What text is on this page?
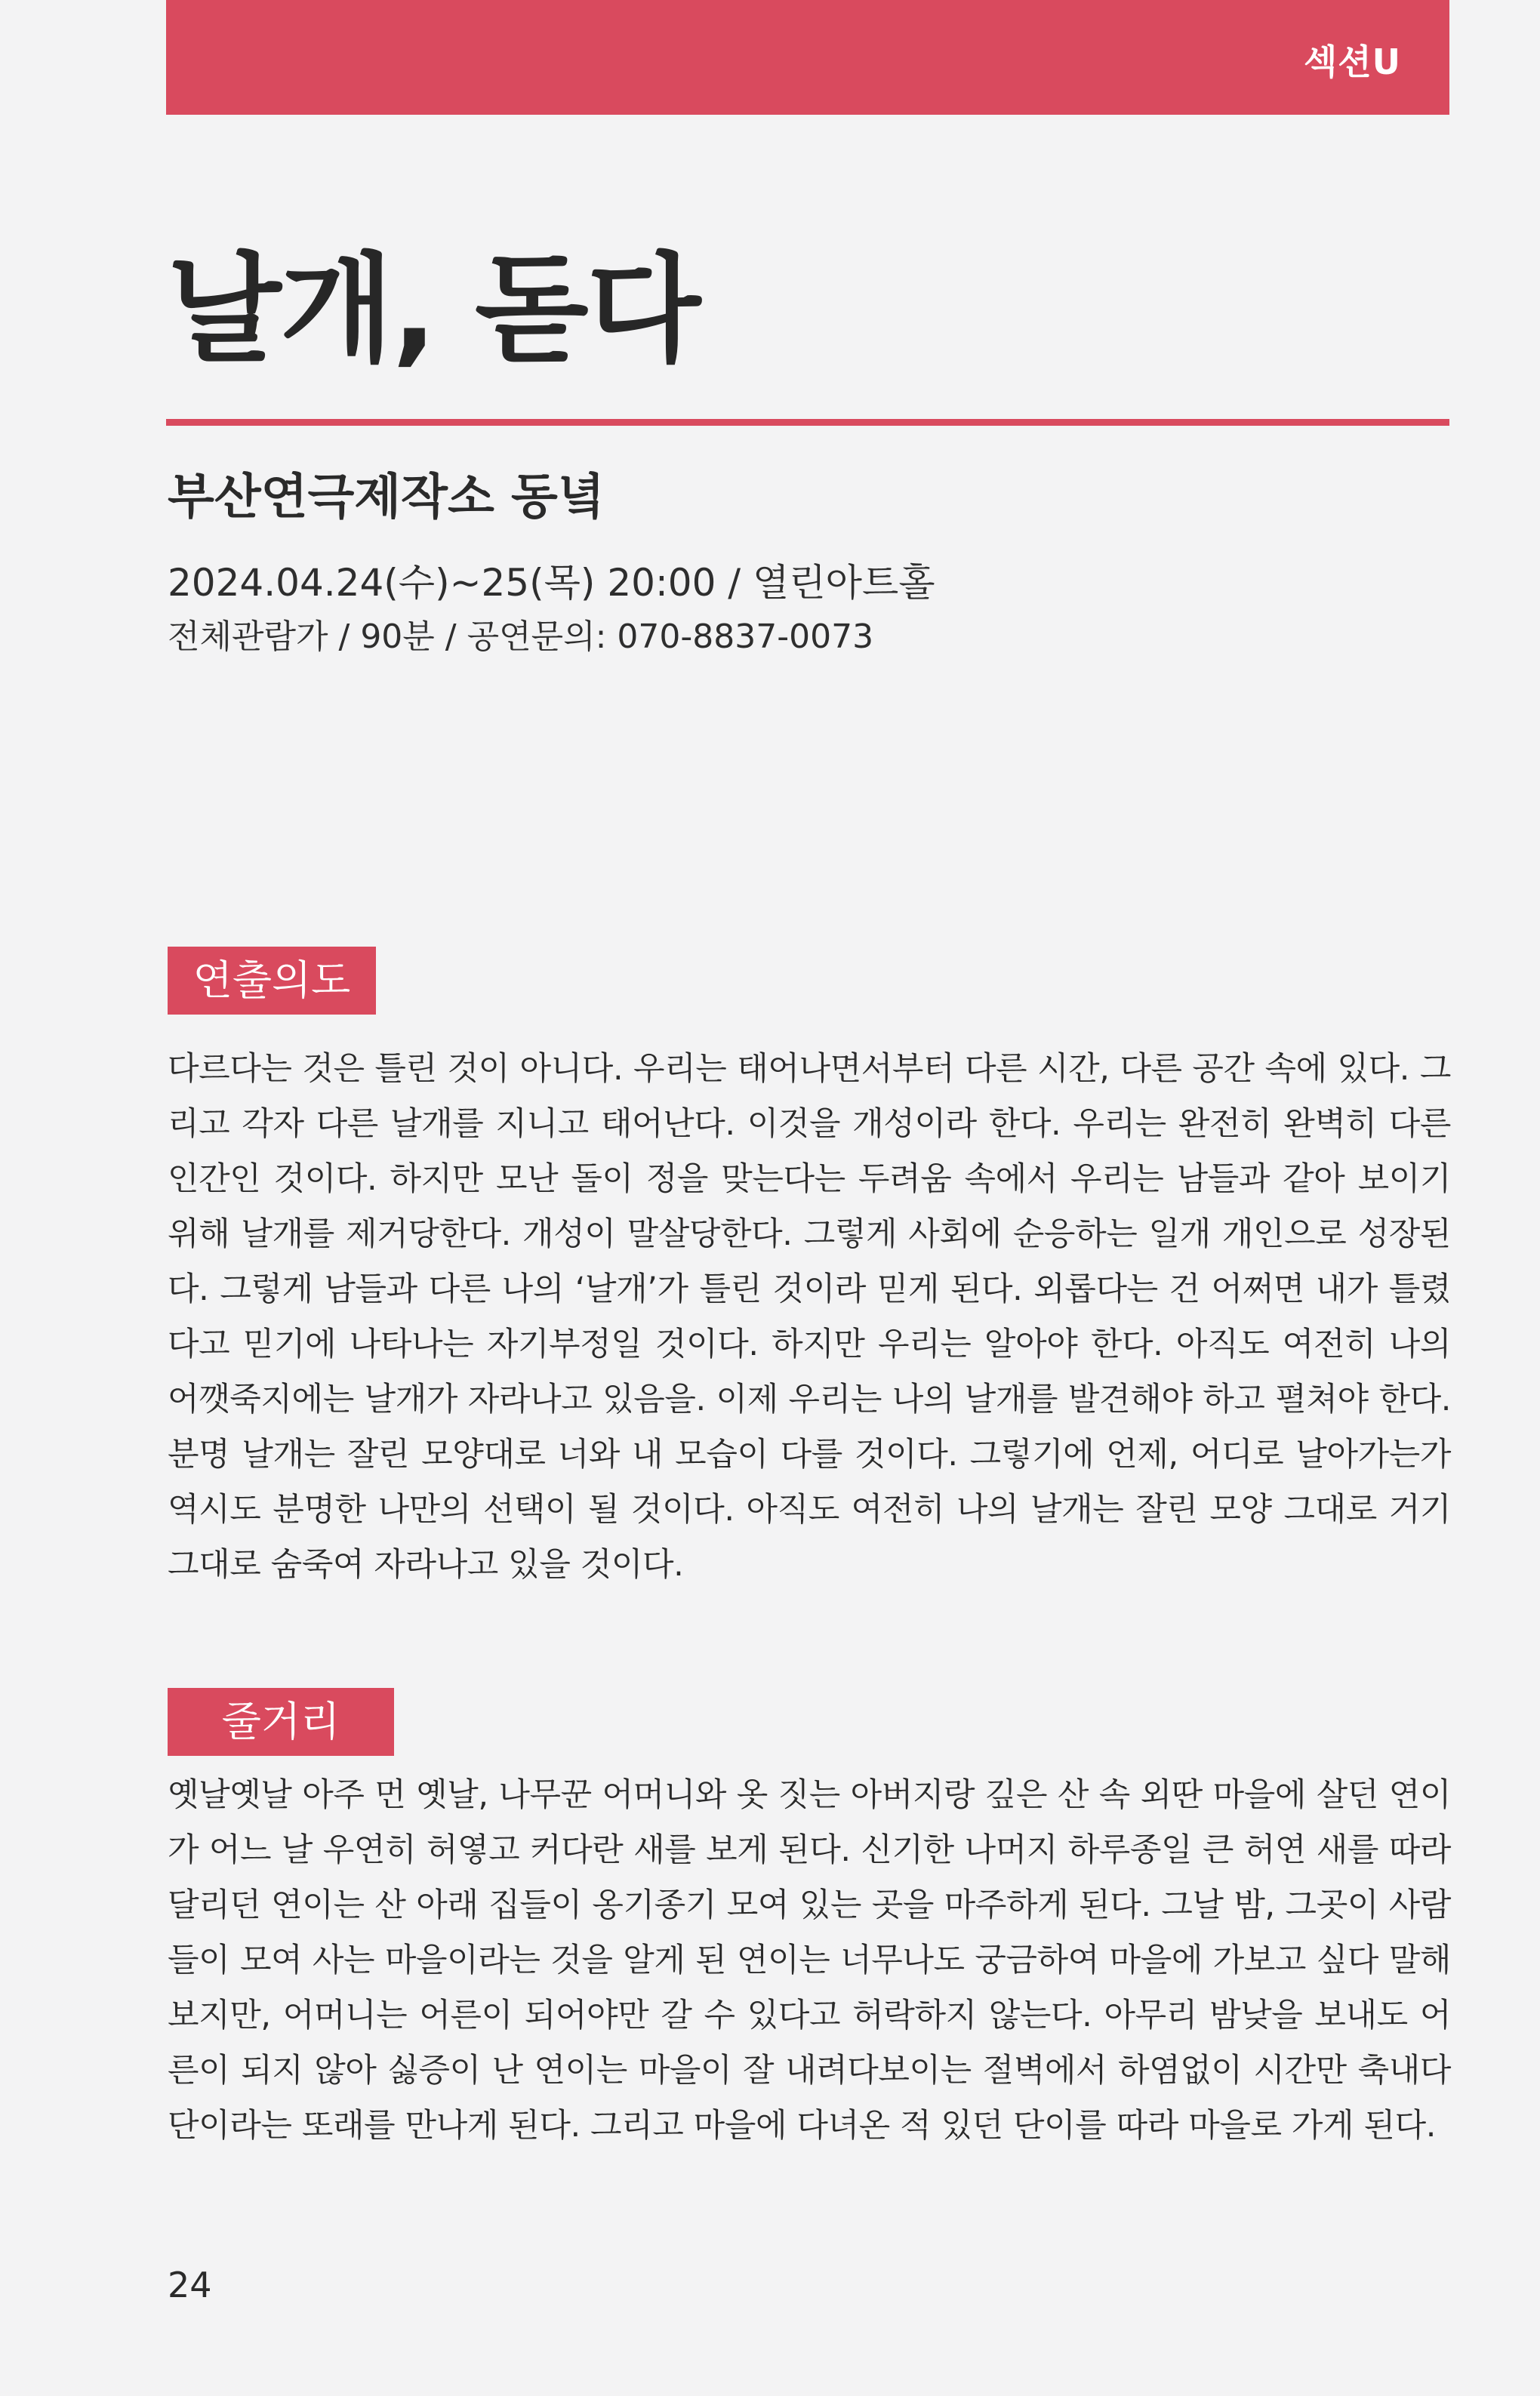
섹션U
날개, 돋다
부산연극제작소 동녘
2024.04.24(수)~25(목) 20:00 / 열린아트홀
전체관람가 / 90분 / 공연문의: 070-8837-0073
연출의도

다르다는 것은 틀린 것이 아니다. 우리는 태어나면서부터 다른 시간, 다른 공간 속에 있다. 그리고 각자 다른 날개를 지니고 태어난다. 이것을 개성이라 한다. 우리는 완전히 완벽히 다른 인간인 것이다. 하지만 모난 돌이 정을 맞는다는 두려움 속에서 우리는 남들과 같아 보이기 위해 날개를 제거당한다. 개성이 말살당한다. 그렇게 사회에 순응하는 일개 개인으로 성장된다. 그렇게 남들과 다른 나의 ‘날개’가 틀린 것이라 믿게 된다. 외롭다는 건 어쩌면 내가 틀렸다고 믿기에 나타나는 자기부정일 것이다. 하지만 우리는 알아야 한다. 아직도 여전히 나의 어깻죽지에는 날개가 자라나고 있음을. 이제 우리는 나의 날개를 발견해야 하고 펼쳐야 한다. 분명 날개는 잘린 모양대로 너와 내 모습이 다를 것이다. 그렇기에 언제, 어디로 날아가는가 역시도 분명한 나만의 선택이 될 것이다. 아직도 여전히 나의 날개는 잘린 모양 그대로 거기 그대로 숨죽여 자라나고 있을 것이다.

줄거리

옛날옛날 아주 먼 옛날, 나무꾼 어머니와 옷 짓는 아버지랑 깊은 산 속 외딴 마을에 살던 연이가 어느 날 우연히 허옇고 커다란 새를 보게 된다. 신기한 나머지 하루종일 큰 허연 새를 따라 달리던 연이는 산 아래 집들이 옹기종기 모여 있는 곳을 마주하게 된다. 그날 밤, 그곳이 사람들이 모여 사는 마을이라는 것을 알게 된 연이는 너무나도 궁금하여 마을에 가보고 싶다 말해보지만, 어머니는 어른이 되어야만 갈 수 있다고 허락하지 않는다. 아무리 밤낮을 보내도 어른이 되지 않아 싫증이 난 연이는 마을이 잘 내려다보이는 절벽에서 하염없이 시간만 축내다 단이라는 또래를 만나게 된다. 그리고 마을에 다녀온 적 있던 단이를 따라 마을로 가게 된다.

24
